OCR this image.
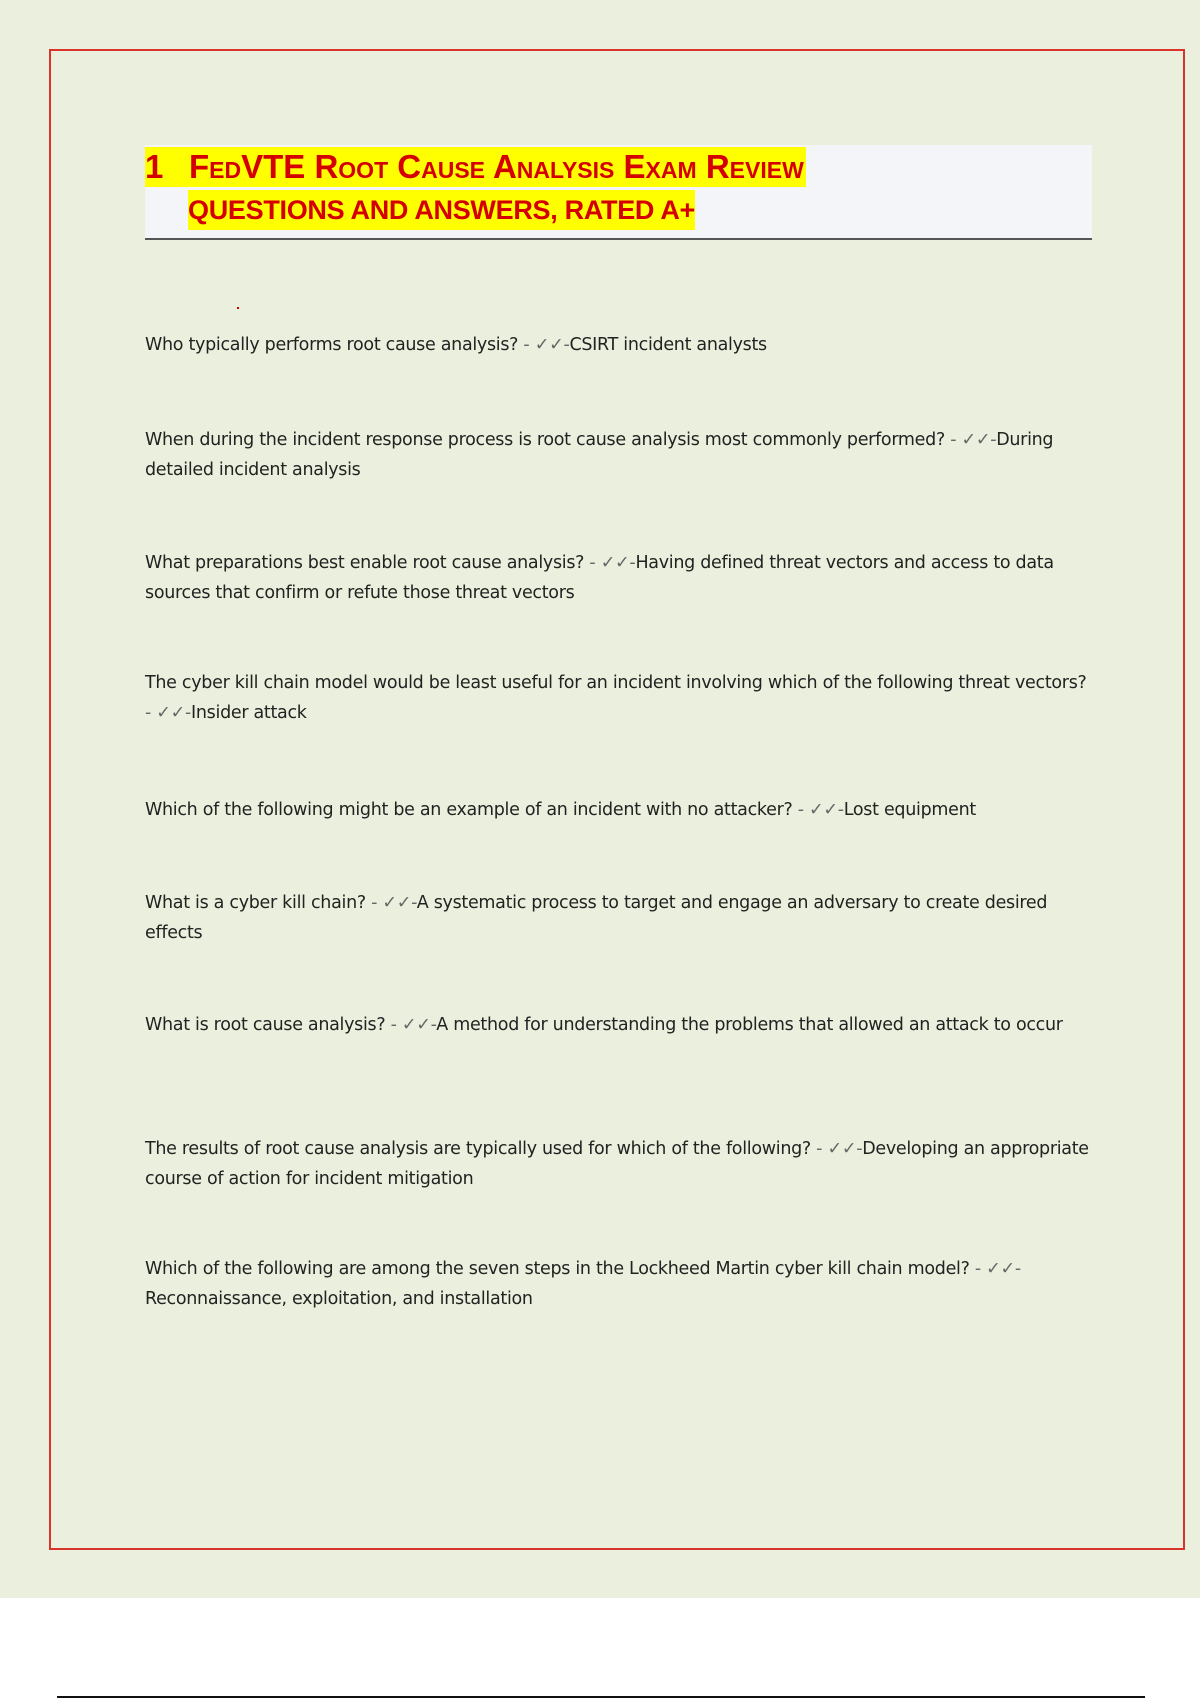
1 FedVTE Root Cause Analysis Exam Review
QUESTIONS AND ANSWERS, RATED A+
Who typically performs root cause analysis? - ✓✓-CSIRT incident analysts
When during the incident response process is root cause analysis most commonly performed? - ✓✓-During detailed incident analysis
What preparations best enable root cause analysis? - ✓✓-Having defined threat vectors and access to data sources that confirm or refute those threat vectors
The cyber kill chain model would be least useful for an incident involving which of the following threat vectors? - ✓✓-Insider attack
Which of the following might be an example of an incident with no attacker? - ✓✓-Lost equipment
What is a cyber kill chain? - ✓✓-A systematic process to target and engage an adversary to create desired effects
What is root cause analysis? - ✓✓-A method for understanding the problems that allowed an attack to occur
The results of root cause analysis are typically used for which of the following? - ✓✓-Developing an appropriate course of action for incident mitigation
Which of the following are among the seven steps in the Lockheed Martin cyber kill chain model? - ✓✓-Reconnaissance, exploitation, and installation
